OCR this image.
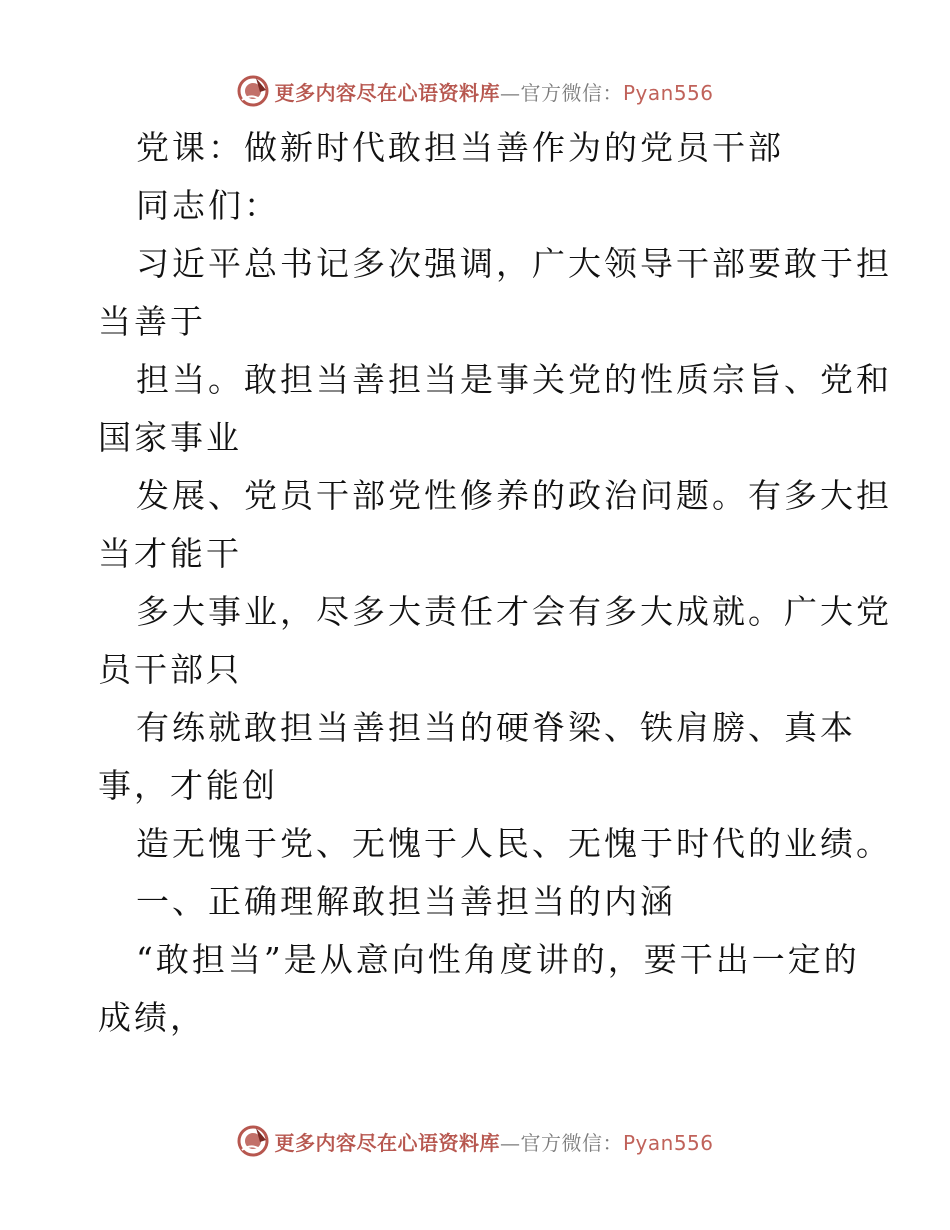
更多内容尽在心语资料库—官方微信：Pyan556
党课：做新时代敢担当善作为的党员干部
同志们：
习近平总书记多次强调，广大领导干部要敢于担
当善于
担当。敢担当善担当是事关党的性质宗旨、党和
国家事业
发展、党员干部党性修养的政治问题。有多大担
当才能干
多大事业，尽多大责任才会有多大成就。广大党
员干部只
有练就敢担当善担当的硬脊梁、铁肩膀、真本
事，才能创
造无愧于党、无愧于人民、无愧于时代的业绩。
一、正确理解敢担当善担当的内涵
“敢担当”是从意向性角度讲的，要干出一定的
成绩，
更多内容尽在心语资料库—官方微信：Pyan556
